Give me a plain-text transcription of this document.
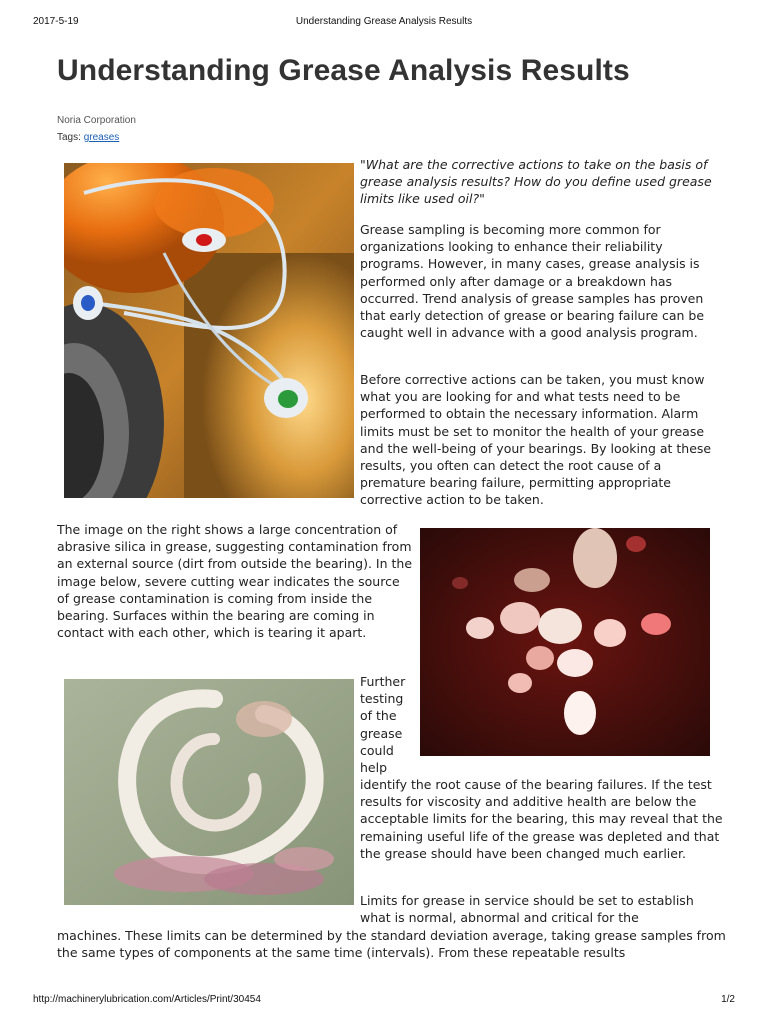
2017-5-19	Understanding Grease Analysis Results
Understanding Grease Analysis Results
Noria Corporation
Tags: greases

"What are the corrective actions to take on the basis of grease analysis results? How do you define used grease limits like used oil?"

Grease sampling is becoming more common for organizations looking to enhance their reliability programs. However, in many cases, grease analysis is performed only after damage or a breakdown has occurred. Trend analysis of grease samples has proven that early detection of grease or bearing failure can be caught well in advance with a good analysis program.

Before corrective actions can be taken, you must know what you are looking for and what tests need to be performed to obtain the necessary information. Alarm limits must be set to monitor the health of your grease and the well-being of your bearings. By looking at these results, you often can detect the root cause of a premature bearing failure, permitting appropriate corrective action to be taken.

The image on the right shows a large concentration of abrasive silica in grease, suggesting contamination from an external source (dirt from outside the bearing). In the image below, severe cutting wear indicates the source of grease contamination is coming from inside the bearing. Surfaces within the bearing are coming in contact with each other, which is tearing it apart.

Further
testing
of the
grease
could
help

identify the root cause of the bearing failures. If the test results for viscosity and additive health are below the acceptable limits for the bearing, this may reveal that the remaining useful life of the grease was depleted and that the grease should have been changed much earlier.

Limits for grease in service should be set to establish what is normal, abnormal and critical for the

machines. These limits can be determined by the standard deviation average, taking grease samples from the same types of components at the same time (intervals). From these repeatable results

http://machinerylubrication.com/Articles/Print/30454	1/2
